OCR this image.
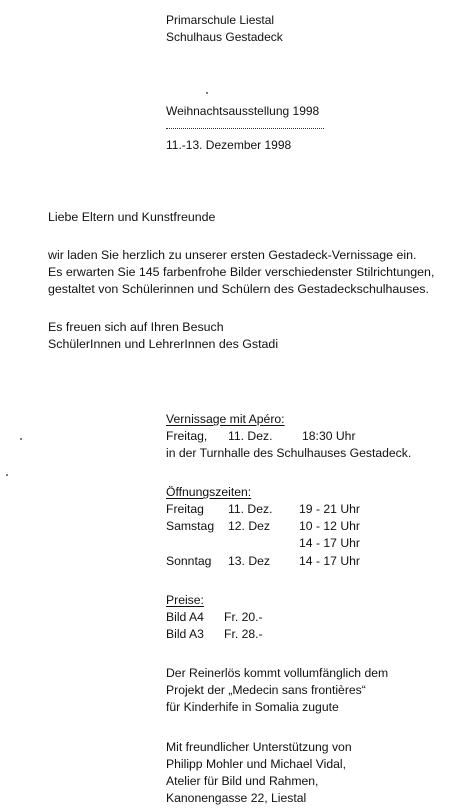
Primarschule Liestal
Schulhaus Gestadeck
Weihnachtsausstellung 1998
11.-13. Dezember 1998
Liebe Eltern und Kunstfreunde
wir laden Sie herzlich zu unserer ersten Gestadeck-Vernissage ein.
Es erwarten Sie 145 farbenfrohe Bilder verschiedenster Stilrichtungen,
gestaltet von Schülerinnen und Schülern des Gestadeckschulhauses.
Es freuen sich auf Ihren Besuch
SchülerInnen und LehrerInnen des Gstadi
Vernissage mit Apéro:
Freitag, 11. Dez. 18:30 Uhr
in der Turnhalle des Schulhauses Gestadeck.
Öffnungszeiten:
Freitag 11. Dez. 19 - 21 Uhr
Samstag 12. Dez 10 - 12 Uhr
14 - 17 Uhr
Sonntag 13. Dez 14 - 17 Uhr
Preise:
Bild A4 Fr. 20.-
Bild A3 Fr. 28.-
Der Reinerlös kommt vollumfänglich dem
Projekt der „Medecin sans frontières“
für Kinderhife in Somalia zugute
Mit freundlicher Unterstützung von
Philipp Mohler und Michael Vidal,
Atelier für Bild und Rahmen,
Kanonengasse 22, Liestal
